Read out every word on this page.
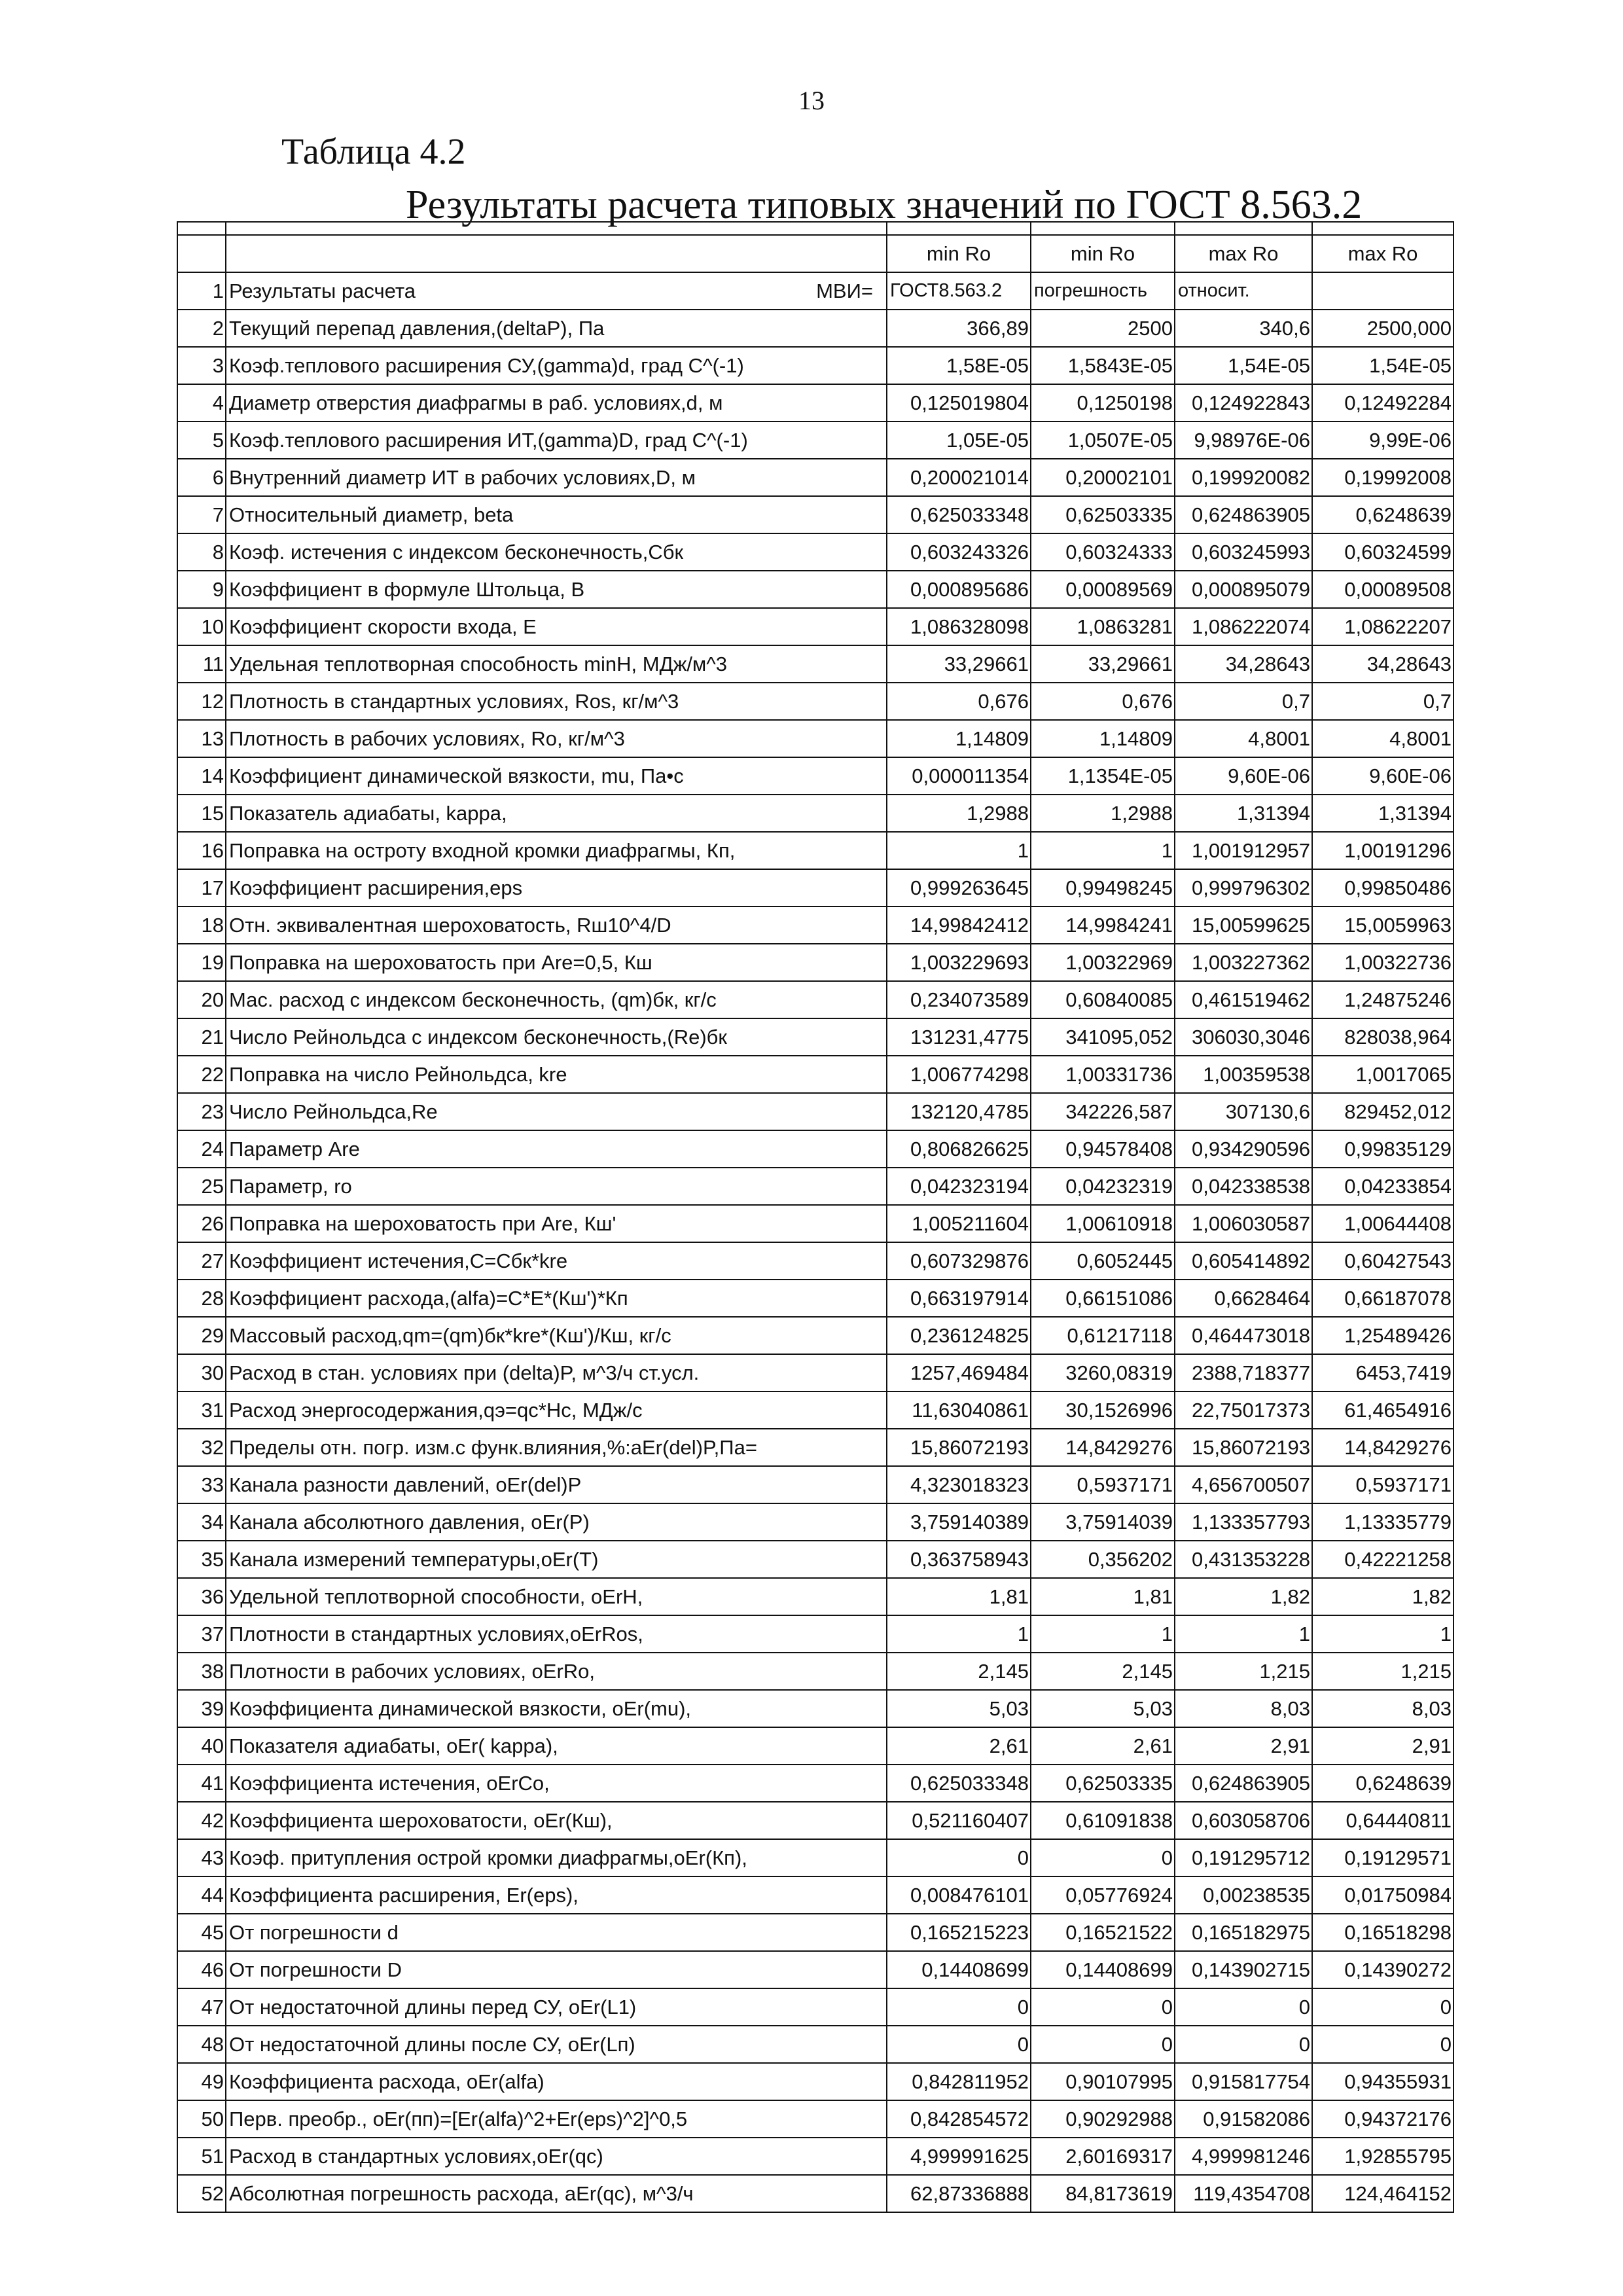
13
Таблица 4.2
Результаты расчета типовых значений по ГОСТ 8.563.2

		min Ro	min Ro	max Ro	max Ro
1	Результаты расчета МВИ=	ГОСТ8.563.2	погрешность	относит.	
2	Текущий перепад давления,(deltaP), Па	366,89	2500	340,6	2500,000
3	Коэф.теплового расширения СУ,(gamma)d, град С^(-1)	1,58E-05	1,5843E-05	1,54E-05	1,54E-05
4	Диаметр отверстия диафрагмы в раб. условиях,d, м	0,125019804	0,1250198	0,124922843	0,12492284
5	Коэф.теплового расширения ИТ,(gamma)D, град С^(-1)	1,05E-05	1,0507E-05	9,98976E-06	9,99E-06
6	Внутренний диаметр ИТ в рабочих условиях,D, м	0,200021014	0,20002101	0,199920082	0,19992008
7	Относительный диаметр, beta	0,625033348	0,62503335	0,624863905	0,6248639
8	Коэф. истечения с индексом бесконечность,Сбк	0,603243326	0,60324333	0,603245993	0,60324599
9	Коэффициент в формуле Штольца, В	0,000895686	0,00089569	0,000895079	0,00089508
10	Коэффициент скорости входа, Е	1,086328098	1,0863281	1,086222074	1,08622207
11	Удельная теплотворная способность minH, МДж/м^3	33,29661	33,29661	34,28643	34,28643
12	Плотность в стандартных условиях, Ros, кг/м^3	0,676	0,676	0,7	0,7
13	Плотность в рабочих условиях, Ro, кг/м^3	1,14809	1,14809	4,8001	4,8001
14	Коэффициент динамической вязкости, mu, Па•с	0,000011354	1,1354E-05	9,60E-06	9,60E-06
15	Показатель адиабаты, kappa,	1,2988	1,2988	1,31394	1,31394
16	Поправка на остроту входной кромки диафрагмы, Кп,	1	1	1,001912957	1,00191296
17	Коэффициент расширения,eps	0,999263645	0,99498245	0,999796302	0,99850486
18	Отн. эквивалентная шероховатость, Rш10^4/D	14,99842412	14,9984241	15,00599625	15,0059963
19	Поправка на шероховатость при Are=0,5, Кш	1,003229693	1,00322969	1,003227362	1,00322736
20	Мас. расход с индексом бесконечность, (qm)бк, кг/с	0,234073589	0,60840085	0,461519462	1,24875246
21	Число Рейнольдса с индексом бесконечность,(Re)бк	131231,4775	341095,052	306030,3046	828038,964
22	Поправка на число Рейнольдса, kre	1,006774298	1,00331736	1,00359538	1,0017065
23	Число Рейнольдса,Re	132120,4785	342226,587	307130,6	829452,012
24	Параметр Are	0,806826625	0,94578408	0,934290596	0,99835129
25	Параметр, rо	0,042323194	0,04232319	0,042338538	0,04233854
26	Поправка на шероховатость при Are, Кш'	1,005211604	1,00610918	1,006030587	1,00644408
27	Коэффициент истечения,С=Сбк*kre	0,607329876	0,6052445	0,605414892	0,60427543
28	Коэффициент расхода,(alfa)=C*E*(Кш')*Кп	0,663197914	0,66151086	0,6628464	0,66187078
29	Массовый расход,qm=(qm)бк*kre*(Кш')/Кш, кг/с	0,236124825	0,61217118	0,464473018	1,25489426
30	Расход в стан. условиях при (delta)P, м^3/ч ст.усл.	1257,469484	3260,08319	2388,718377	6453,7419
31	Расход энергосодержания,qэ=qc*Hc, МДж/с	11,63040861	30,1526996	22,75017373	61,4654916
32	Пределы отн. погр. изм.с функ.влияния,%:aEr(del)P,Па=	15,86072193	14,8429276	15,86072193	14,8429276
33	Канала разности давлений, оEr(del)P	4,323018323	0,5937171	4,656700507	0,5937171
34	Канала абсолютного давления, оEr(P)	3,759140389	3,75914039	1,133357793	1,13335779
35	Канала измерений температуры,оEr(T)	0,363758943	0,356202	0,431353228	0,42221258
36	Удельной теплотворной способности, оErH,	1,81	1,81	1,82	1,82
37	Плотности в стандартных условиях,оErRos,	1	1	1	1
38	Плотности в рабочих условиях, оErRo,	2,145	2,145	1,215	1,215
39	Коэффициента динамической вязкости, оEr(mu),	5,03	5,03	8,03	8,03
40	Показателя адиабаты, оEr( kappa),	2,61	2,61	2,91	2,91
41	Коэффициента истечения, оErCo,	0,625033348	0,62503335	0,624863905	0,6248639
42	Коэффициента шероховатости, оEr(Кш),	0,521160407	0,61091838	0,603058706	0,64440811
43	Коэф. притупления острой кромки диафрагмы,оEr(Кп),	0	0	0,191295712	0,19129571
44	Коэффициента расширения, Er(eps),	0,008476101	0,05776924	0,00238535	0,01750984
45	От погрешности d	0,165215223	0,16521522	0,165182975	0,16518298
46	От погрешности D	0,14408699	0,14408699	0,143902715	0,14390272
47	От недостаточной длины перед СУ, оEr(L1)	0	0	0	0
48	От недостаточной длины после СУ, оEr(Lп)	0	0	0	0
49	Коэффициента расхода, оEr(alfa)	0,842811952	0,90107995	0,915817754	0,94355931
50	Перв. преобр., оEr(пп)=[Er(alfa)^2+Er(eps)^2]^0,5	0,842854572	0,90292988	0,91582086	0,94372176
51	Расход в стандартных условиях,оEr(qc)	4,999991625	2,60169317	4,999981246	1,92855795
52	Абсолютная погрешность расхода, aEr(qc), м^3/ч	62,87336888	84,8173619	119,4354708	124,464152
